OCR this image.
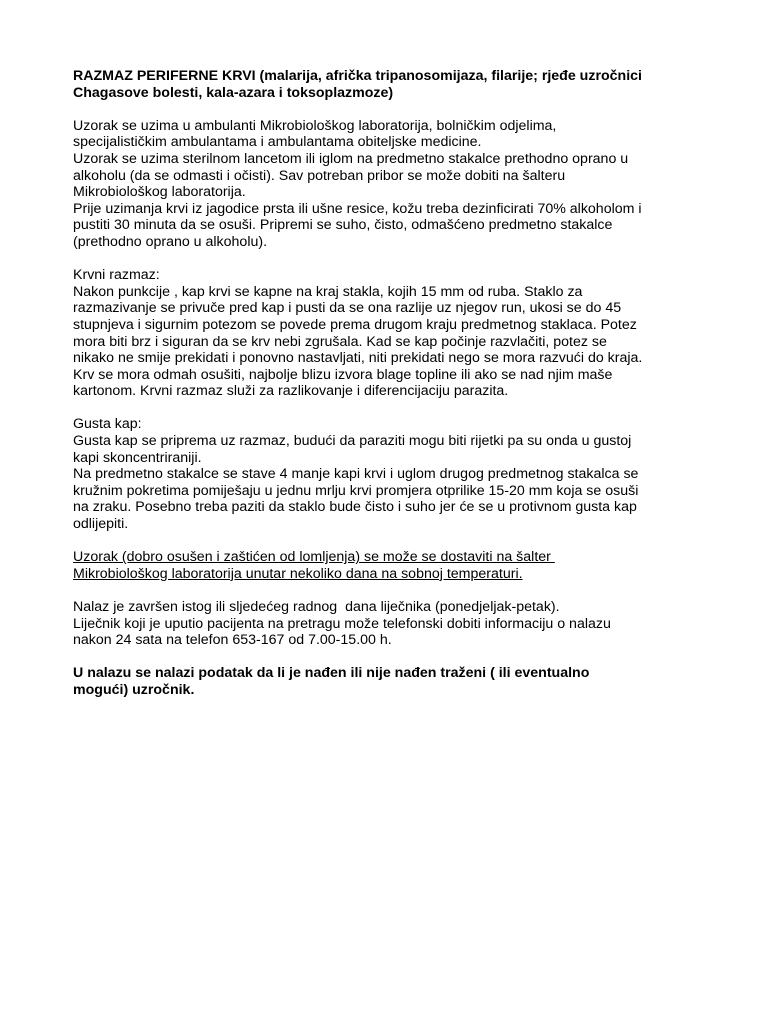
RAZMAZ PERIFERNE KRVI (malarija, afrička tripanosomijaza, filarije; rjeđe uzročnici
Chagasove bolesti, kala-azara i toksoplazmoze)
Uzorak se uzima u ambulanti Mikrobiološkog laboratorija, bolničkim odjelima,
specijalističkim ambulantama i ambulantama obiteljske medicine.
Uzorak se uzima sterilnom lancetom ili iglom na predmetno stakalce prethodno oprano u
alkoholu (da se odmasti i očisti). Sav potreban pribor se može dobiti na šalteru
Mikrobiološkog laboratorija.
Prije uzimanja krvi iz jagodice prsta ili ušne resice, kožu treba dezinficirati 70% alkoholom i
pustiti 30 minuta da se osuši. Pripremi se suho, čisto, odmašćeno predmetno stakalce
(prethodno oprano u alkoholu).
Krvni razmaz:
Nakon punkcije , kap krvi se kapne na kraj stakla, kojih 15 mm od ruba. Staklo za
razmazivanje se privuče pred kap i pusti da se ona razlije uz njegov run, ukosi se do 45
stupnjeva i sigurnim potezom se povede prema drugom kraju predmetnog staklaca. Potez
mora biti brz i siguran da se krv nebi zgrušala. Kad se kap počinje razvlačiti, potez se
nikako ne smije prekidati i ponovno nastavljati, niti prekidati nego se mora razvući do kraja.
Krv se mora odmah osušiti, najbolje blizu izvora blage topline ili ako se nad njim maše
kartonom. Krvni razmaz služi za razlikovanje i diferencijaciju parazita.
Gusta kap:
Gusta kap se priprema uz razmaz, budući da paraziti mogu biti rijetki pa su onda u gustoj
kapi skoncentriraniji.
Na predmetno stakalce se stave 4 manje kapi krvi i uglom drugog predmetnog stakalca se
kružnim pokretima pomiješaju u jednu mrlju krvi promjera otprilike 15-20 mm koja se osuši
na zraku. Posebno treba paziti da staklo bude čisto i suho jer će se u protivnom gusta kap
odlijepiti.
Uzorak (dobro osušen i zaštićen od lomljenja) se može se dostaviti na šalter
Mikrobiološkog laboratorija unutar nekoliko dana na sobnoj temperaturi.
Nalaz je završen istog ili sljedećeg radnog  dana liječnika (ponedjeljak-petak).
Liječnik koji je uputio pacijenta na pretragu može telefonski dobiti informaciju o nalazu
nakon 24 sata na telefon 653-167 od 7.00-15.00 h.
U nalazu se nalazi podatak da li je nađen ili nije nađen traženi ( ili eventualno
mogući) uzročnik.
